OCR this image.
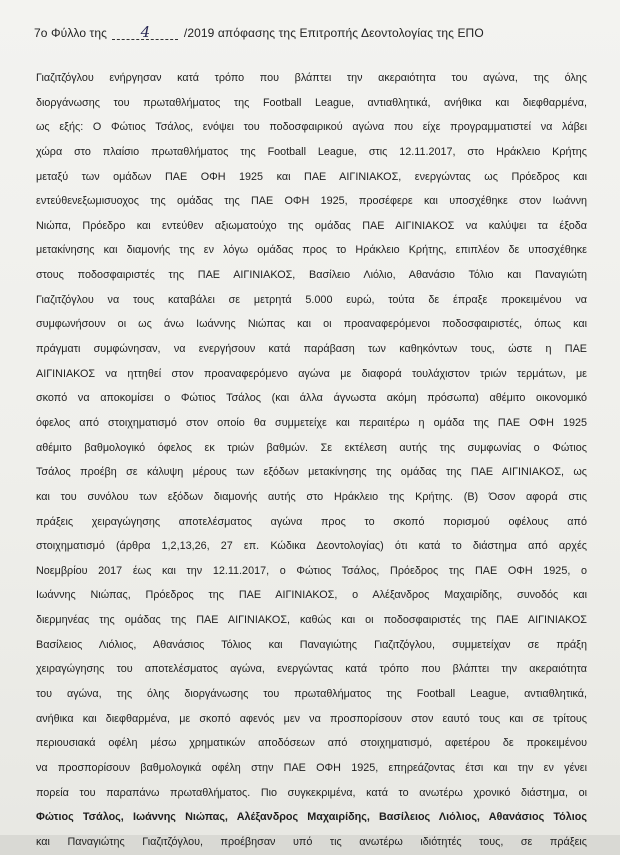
7ο Φύλλο της 4	/2019 απόφασης της Επιτροπής Δεοντολογίας της ΕΠΟ
Γιαζιτζόγλου ενήργησαν κατά τρόπο που βλάπτει την ακεραιότητα του αγώνα, της όλης
διοργάνωσης του πρωταθλήματος της Football League, αντιαθλητικά, ανήθικα και διεφθαρμένα,
ως εξής: Ο Φώτιος Τσάλος, ενόψει του ποδοσφαιρικού αγώνα που είχε προγραμματιστεί να λάβει
χώρα στο πλαίσιο πρωταθλήματος της Football League, στις 12.11.2017, στο Ηράκλειο Κρήτης
μεταξύ των ομάδων ΠΑΕ ΟΦΗ 1925 και ΠΑΕ ΑΙΓΙΝΙΑΚΟΣ, ενεργώντας ως Πρόεδρος και
εντεύθενεξωμισυοχος της ομάδας της ΠΑΕ ΟΦΗ 1925, προσέφερε και υποσχέθηκε στον Ιωάννη
Νιώπα, Πρόεδρο και εντεύθεν αξιωματούχο της ομάδας ΠΑΕ ΑΙΓΙΝΙΑΚΟΣ να καλύψει τα έξοδα
μετακίνησης και διαμονής της εν λόγω ομάδας προς το Ηράκλειο Κρήτης, επιπλέον δε υποσχέθηκε
στους ποδοσφαιριστές της ΠΑΕ ΑΙΓΙΝΙΑΚΟΣ, Βασίλειο Λιόλιο, Αθανάσιο Τόλιο και Παναγιώτη
Γιαζιτζόγλου να τους καταβάλει σε μετρητά 5.000 ευρώ, τούτα δε έπραξε προκειμένου να
συμφωνήσουν οι ως άνω Ιωάννης Νιώπας και οι προαναφερόμενοι ποδοσφαιριστές, όπως και
πράγματι συμφώνησαν, να ενεργήσουν κατά παράβαση των καθηκόντων τους, ώστε η ΠΑΕ
ΑΙΓΙΝΙΑΚΟΣ να ηττηθεί στον προαναφερόμενο αγώνα με διαφορά τουλάχιστον τριών τερμάτων, με
σκοπό να αποκομίσει ο Φώτιος Τσάλος (και άλλα άγνωστα ακόμη πρόσωπα) αθέμιτο οικονομικό
όφελος από στοιχηματισμό στον οποίο θα συμμετείχε και περαιτέρω η ομάδα της ΠΑΕ ΟΦΗ 1925
αθέμιτο βαθμολογικό όφελος εκ τριών βαθμών. Σε εκτέλεση αυτής της συμφωνίας ο Φώτιος
Τσάλος προέβη σε κάλυψη μέρους των εξόδων μετακίνησης της ομάδας της ΠΑΕ ΑΙΓΙΝΙΑΚΟΣ, ως
και του συνόλου των εξόδων διαμονής αυτής στο Ηράκλειο της Κρήτης. (Β) Όσον αφορά στις
πράξεις χειραγώγησης αποτελέσματος αγώνα προς το σκοπό πορισμού οφέλους από
στοιχηματισμό (άρθρα 1,2,13,26, 27 επ. Κώδικα Δεοντολογίας) ότι κατά το διάστημα από αρχές
Νοεμβρίου 2017 έως και την 12.11.2017, ο Φώτιος Τσάλος, Πρόεδρος της ΠΑΕ ΟΦΗ 1925, ο
Ιωάννης Νιώπας, Πρόεδρος της ΠΑΕ ΑΙΓΙΝΙΑΚΟΣ, ο Αλέξανδρος Μαχαιρίδης, συνοδός και
διερμηνέας της ομάδας της ΠΑΕ ΑΙΓΙΝΙΑΚΟΣ, καθώς και οι ποδοσφαιριστές της ΠΑΕ ΑΙΓΙΝΙΑΚΟΣ
Βασίλειος Λιόλιος, Αθανάσιος Τόλιος και Παναγιώτης Γιαζιτζόγλου, συμμετείχαν σε πράξη
χειραγώγησης του αποτελέσματος αγώνα, ενεργώντας κατά τρόπο που βλάπτει την ακεραιότητα
του αγώνα, της όλης διοργάνωσης του πρωταθλήματος της Football League, αντιαθλητικά,
ανήθικα και διεφθαρμένα, με σκοπό αφενός μεν να προσπορίσουν στον εαυτό τους και σε τρίτους
περιουσιακά οφέλη μέσω χρηματικών αποδόσεων από στοιχηματισμό, αφετέρου δε προκειμένου
να προσπορίσουν βαθμολογικά οφέλη στην ΠΑΕ ΟΦΗ 1925, επηρεάζοντας έτσι και την εν γένει
πορεία του παραπάνω πρωταθλήματος. Πιο συγκεκριμένα, κατά το ανωτέρω χρονικό διάστημα, οι
Φώτιος Τσάλος, Ιωάννης Νιώπας, Αλέξανδρος Μαχαιρίδης, Βασίλειος Λιόλιος, Αθανάσιος Τόλιος
και Παναγιώτης Γιαζιτζόγλου, προέβησαν υπό τις ανωτέρω ιδιότητές τους, σε πράξεις
